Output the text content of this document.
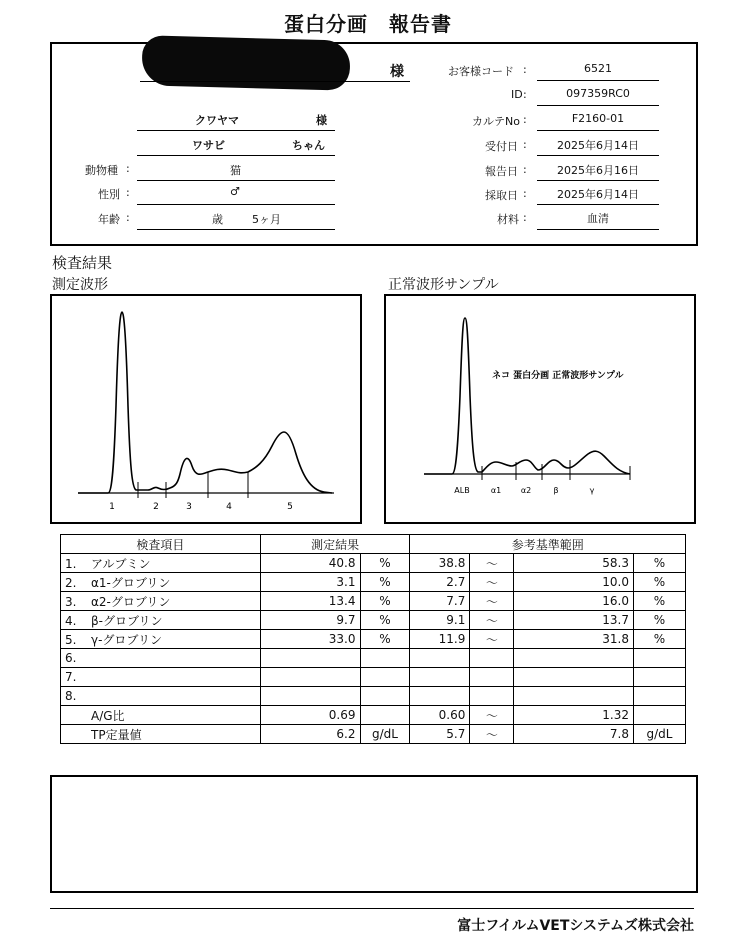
蛋白分画　報告書
様
クワヤマ	様
ワサビ	ちゃん
動物種 :	猫
性別 :	♂
年齢 :	歳	5ヶ月
お客様コード :	6521
ID :	097359RC0
カルテNo :	F2160-01
受付日 :	2025年6月14日
報告日 :	2025年6月16日
採取日 :	2025年6月14日
材料 :	血清
検査結果
測定波形	正常波形サンプル
1	2	3	4	5
ネコ 蛋白分画 正常波形サンプル
ALB	α1 α2	β	γ
検査項目	測定結果		参考基準範囲			
1. アルブミン	40.8	%	38.8	～	58.3	%
2. α1-グロブリン	3.1	%	2.7	～	10.0	%
3. α2-グロブリン	13.4	%	7.7	～	16.0	%
4. β-グロブリン	9.7	%	9.1	～	13.7	%
5. γ-グロブリン	33.0	%	11.9	～	31.8	%
6.						
7.						
8.						
A/G比	0.69		0.60	～	1.32	
TP定量値	6.2	g/dL	5.7	～	7.8	g/dL
富士フイルムVETシステムズ株式会社
